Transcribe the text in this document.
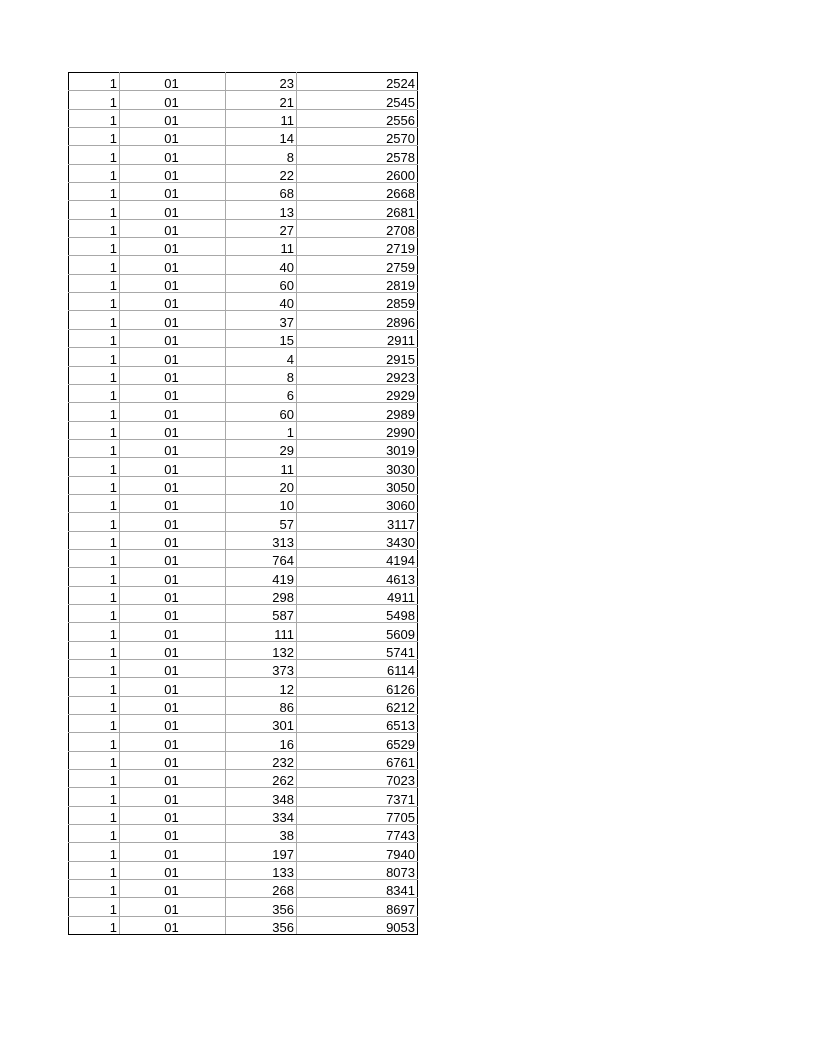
1	01	23	2524
1	01	21	2545
1	01	11	2556
1	01	14	2570
1	01	8	2578
1	01	22	2600
1	01	68	2668
1	01	13	2681
1	01	27	2708
1	01	11	2719
1	01	40	2759
1	01	60	2819
1	01	40	2859
1	01	37	2896
1	01	15	2911
1	01	4	2915
1	01	8	2923
1	01	6	2929
1	01	60	2989
1	01	1	2990
1	01	29	3019
1	01	11	3030
1	01	20	3050
1	01	10	3060
1	01	57	3117
1	01	313	3430
1	01	764	4194
1	01	419	4613
1	01	298	4911
1	01	587	5498
1	01	111	5609
1	01	132	5741
1	01	373	6114
1	01	12	6126
1	01	86	6212
1	01	301	6513
1	01	16	6529
1	01	232	6761
1	01	262	7023
1	01	348	7371
1	01	334	7705
1	01	38	7743
1	01	197	7940
1	01	133	8073
1	01	268	8341
1	01	356	8697
1	01	356	9053
